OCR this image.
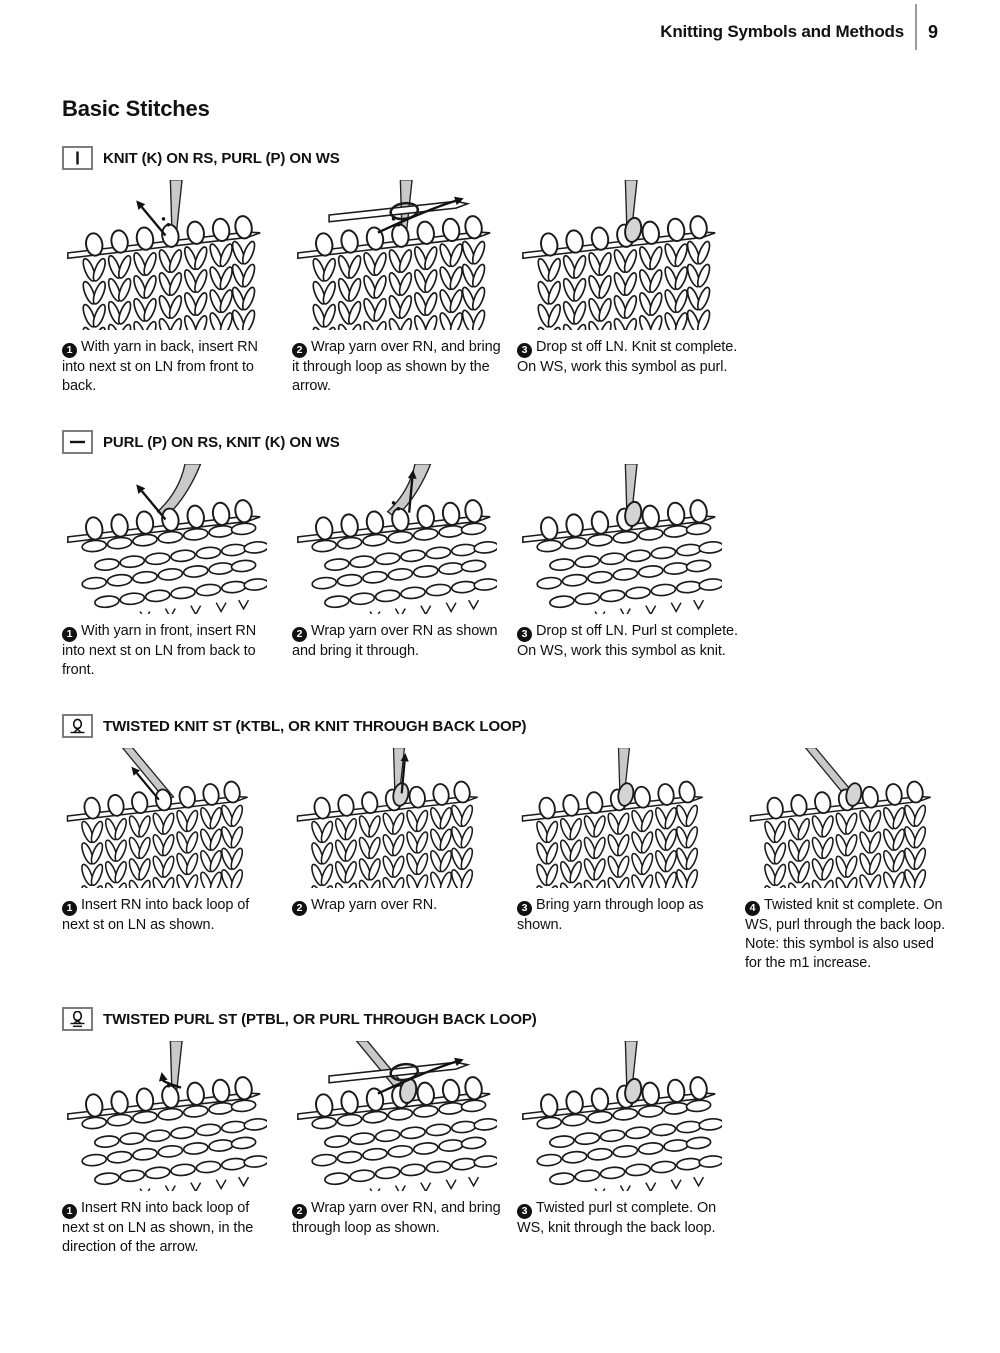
Knitting Symbols and Methods 9
Basic Stitches
KNIT (K) ON RS, PURL (P) ON WS
1 With yarn in back, insert RN into next st on LN from front to back.
2 Wrap yarn over RN, and bring it through loop as shown by the arrow.
3 Drop st off LN. Knit st complete. On WS, work this symbol as purl.
PURL (P) ON RS, KNIT (K) ON WS
1 With yarn in front, insert RN into next st on LN from back to front.
2 Wrap yarn over RN as shown and bring it through.
3 Drop st off LN. Purl st complete. On WS, work this symbol as knit.
TWISTED KNIT ST (KTBL, OR KNIT THROUGH BACK LOOP)
1 Insert RN into back loop of next st on LN as shown.
2 Wrap yarn over RN.	3 Bring yarn through loop as shown.
4 Twisted knit st complete. On WS, purl through the back loop. Note: this symbol is also used for the m1 increase.
TWISTED PURL ST (PTBL, OR PURL THROUGH BACK LOOP)
1 Insert RN into back loop of next st on LN as shown, in the direction of the arrow.
2 Wrap yarn over RN, and bring through loop as shown.
3 Twisted purl st complete. On WS, knit through the back loop.
